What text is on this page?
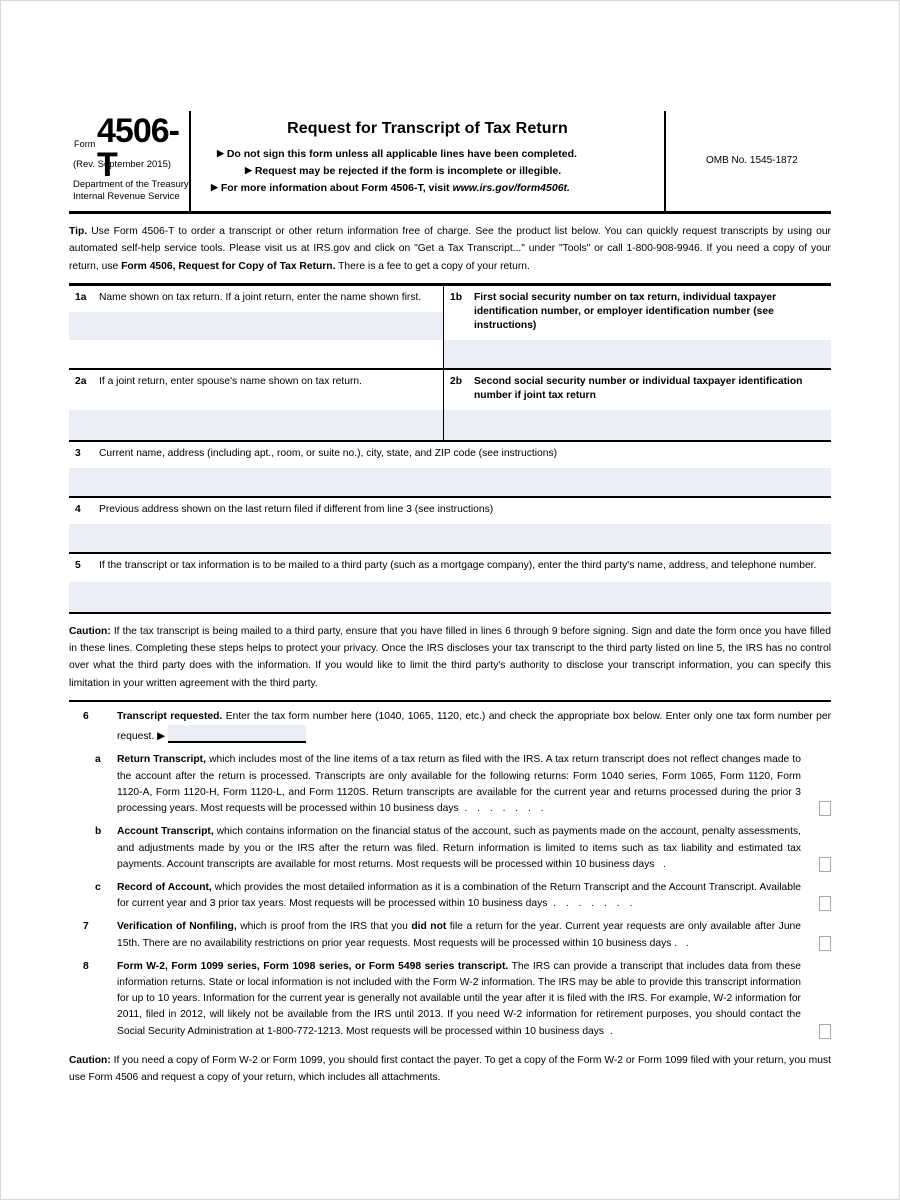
Form 4506-T
(Rev. September 2015)
Department of the Treasury
Internal Revenue Service
Request for Transcript of Tax Return
▶ Do not sign this form unless all applicable lines have been completed.
▶ Request may be rejected if the form is incomplete or illegible.
▶ For more information about Form 4506-T, visit www.irs.gov/form4506t.
OMB No. 1545-1872
Tip. Use Form 4506-T to order a transcript or other return information free of charge. See the product list below. You can quickly request transcripts by using our automated self-help service tools. Please visit us at IRS.gov and click on "Get a Tax Transcript..." under "Tools" or call 1-800-908-9946. If you need a copy of your return, use Form 4506, Request for Copy of Tax Return. There is a fee to get a copy of your return.
1a	Name shown on tax return. If a joint return, enter the name shown first.	1b	First social security number on tax return, individual taxpayer identification number, or employer identification number (see instructions)
2a	If a joint return, enter spouse's name shown on tax return.	2b	Second social security number or individual taxpayer identification number if joint tax return
3	Current name, address (including apt., room, or suite no.), city, state, and ZIP code (see instructions)
4	Previous address shown on the last return filed if different from line 3 (see instructions)
5	If the transcript or tax information is to be mailed to a third party (such as a mortgage company), enter the third party's name, address, and telephone number.
Caution: If the tax transcript is being mailed to a third party, ensure that you have filled in lines 6 through 9 before signing. Sign and date the form once you have filled in these lines. Completing these steps helps to protect your privacy. Once the IRS discloses your tax transcript to the third party listed on line 5, the IRS has no control over what the third party does with the information. If you would like to limit the third party's authority to disclose your transcript information, you can specify this limitation in your written agreement with the third party.
6	Transcript requested. Enter the tax form number here (1040, 1065, 1120, etc.) and check the appropriate box below. Enter only one tax form number per request. ▶
a	Return Transcript, which includes most of the line items of a tax return as filed with the IRS. A tax return transcript does not reflect changes made to the account after the return is processed. Transcripts are only available for the following returns: Form 1040 series, Form 1065, Form 1120, Form 1120-A, Form 1120-H, Form 1120-L, and Form 1120S. Return transcripts are available for the current year and returns processed during the prior 3 processing years. Most requests will be processed within 10 business days . . . . . . .
b	Account Transcript, which contains information on the financial status of the account, such as payments made on the account, penalty assessments, and adjustments made by you or the IRS after the return was filed. Return information is limited to items such as tax liability and estimated tax payments. Account transcripts are available for most returns. Most requests will be processed within 10 business days .
c	Record of Account, which provides the most detailed information as it is a combination of the Return Transcript and the Account Transcript. Available for current year and 3 prior tax years. Most requests will be processed within 10 business days . . . . . . .
7	Verification of Nonfiling, which is proof from the IRS that you did not file a return for the year. Current year requests are only available after June 15th. There are no availability restrictions on prior year requests. Most requests will be processed within 10 business days . .
8	Form W-2, Form 1099 series, Form 1098 series, or Form 5498 series transcript. The IRS can provide a transcript that includes data from these information returns. State or local information is not included with the Form W-2 information. The IRS may be able to provide this transcript information for up to 10 years. Information for the current year is generally not available until the year after it is filed with the IRS. For example, W-2 information for 2011, filed in 2012, will likely not be available from the IRS until 2013. If you need W-2 information for retirement purposes, you should contact the Social Security Administration at 1-800-772-1213. Most requests will be processed within 10 business days .
Caution: If you need a copy of Form W-2 or Form 1099, you should first contact the payer. To get a copy of the Form W-2 or Form 1099 filed with your return, you must use Form 4506 and request a copy of your return, which includes all attachments.
